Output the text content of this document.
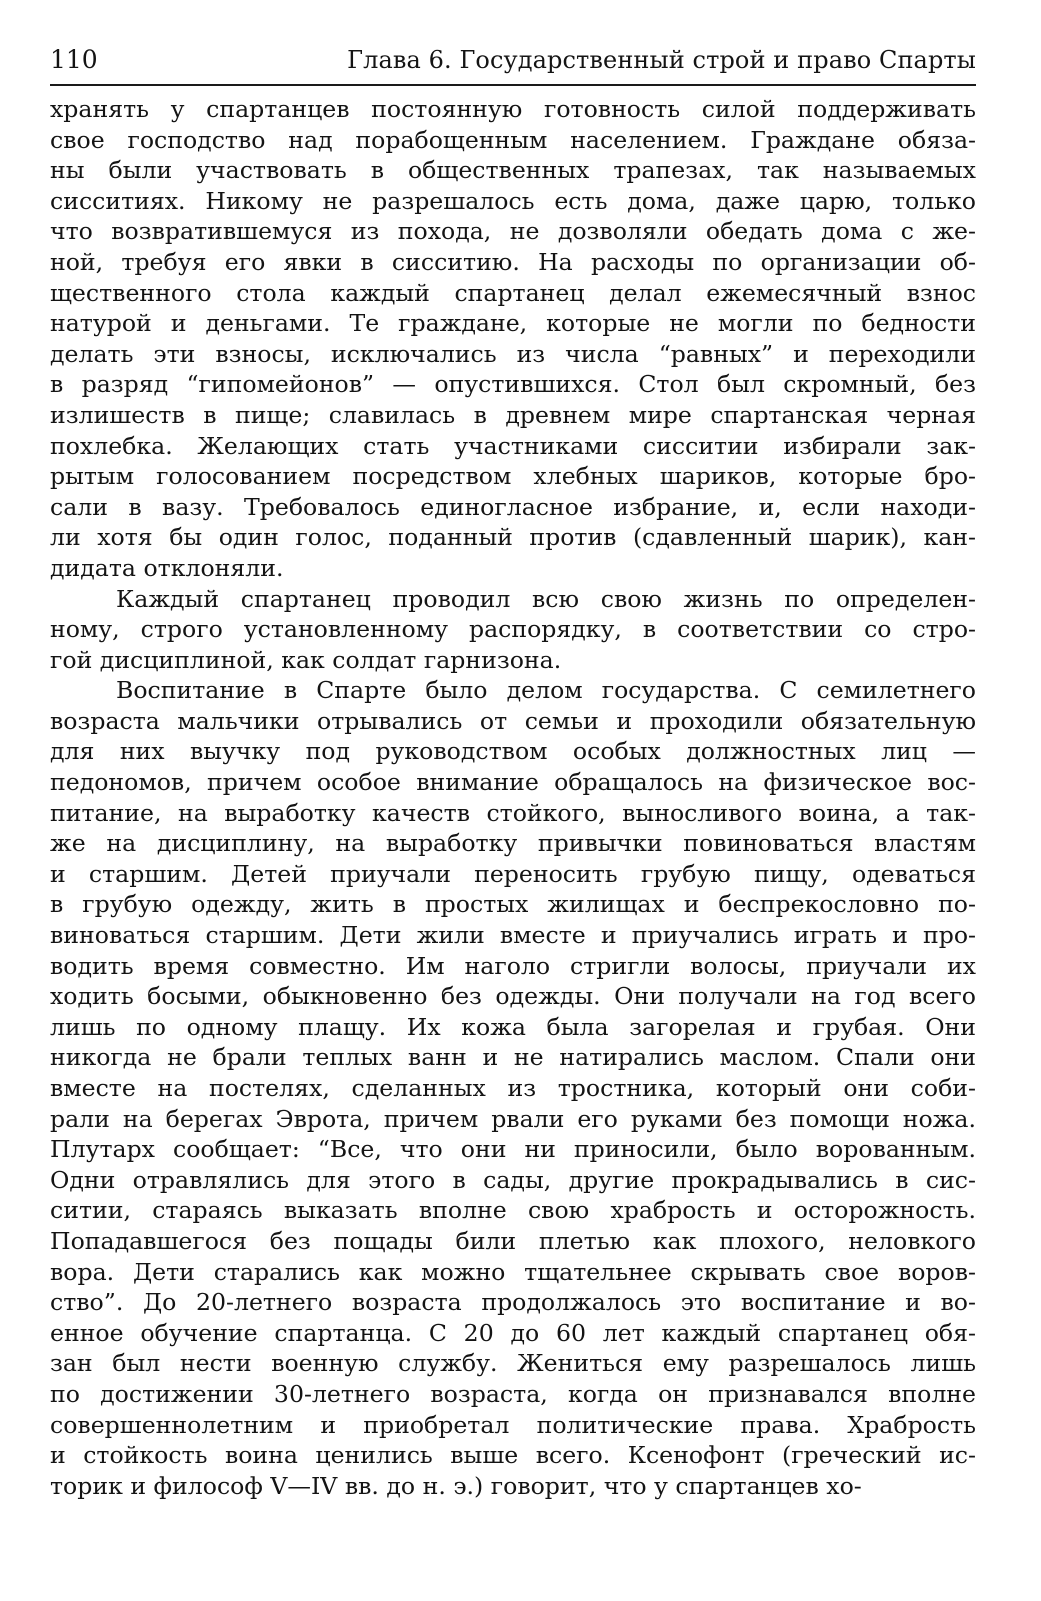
110	Глава 6. Государственный строй и право Спарты
хранять у спартанцев постоянную готовность силой поддерживать
свое господство над порабощенным населением. Граждане обяза-
ны были участвовать в общественных трапезах, так называемых
сисситиях. Никому не разрешалось есть дома, даже царю, только
что возвратившемуся из похода, не дозволяли обедать дома с же-
ной, требуя его явки в сисситию. На расходы по организации об-
щественного стола каждый спартанец делал ежемесячный взнос
натурой и деньгами. Те граждане, которые не могли по бедности
делать эти взносы, исключались из числа “равных” и переходили
в разряд “гипомейонов” — опустившихся. Стол был скромный, без
излишеств в пище; славилась в древнем мире спартанская черная
похлебка. Желающих стать участниками сисситии избирали зак-
рытым голосованием посредством хлебных шариков, которые бро-
сали в вазу. Требовалось единогласное избрание, и, если находи-
ли хотя бы один голос, поданный против (сдавленный шарик), кан-
дидата отклоняли.
Каждый спартанец проводил всю свою жизнь по определен-
ному, строго установленному распорядку, в соответствии со стро-
гой дисциплиной, как солдат гарнизона.
Воспитание в Спарте было делом государства. С семилетнего
возраста мальчики отрывались от семьи и проходили обязательную
для них выучку под руководством особых должностных лиц —
педономов, причем особое внимание обращалось на физическое вос-
питание, на выработку качеств стойкого, выносливого воина, а так-
же на дисциплину, на выработку привычки повиноваться властям
и старшим. Детей приучали переносить грубую пищу, одеваться
в грубую одежду, жить в простых жилищах и беспрекословно по-
виноваться старшим. Дети жили вместе и приучались играть и про-
водить время совместно. Им наголо стригли волосы, приучали их
ходить босыми, обыкновенно без одежды. Они получали на год всего
лишь по одному плащу. Их кожа была загорелая и грубая. Они
никогда не брали теплых ванн и не натирались маслом. Спали они
вместе на постелях, сделанных из тростника, который они соби-
рали на берегах Эврота, причем рвали его руками без помощи ножа.
Плутарх сообщает: “Все, что они ни приносили, было ворованным.
Одни отравлялись для этого в сады, другие прокрадывались в сис-
ситии, стараясь выказать вполне свою храбрость и осторожность.
Попадавшегося без пощады били плетью как плохого, неловкого
вора. Дети старались как можно тщательнее скрывать свое воров-
ство”. До 20-летнего возраста продолжалось это воспитание и во-
енное обучение спартанца. С 20 до 60 лет каждый спартанец обя-
зан был нести военную службу. Жениться ему разрешалось лишь
по достижении 30-летнего возраста, когда он признавался вполне
совершеннолетним и приобретал политические права. Храбрость
и стойкость воина ценились выше всего. Ксенофонт (греческий ис-
торик и философ V—IV вв. до н. э.) говорит, что у спартанцев хо-
